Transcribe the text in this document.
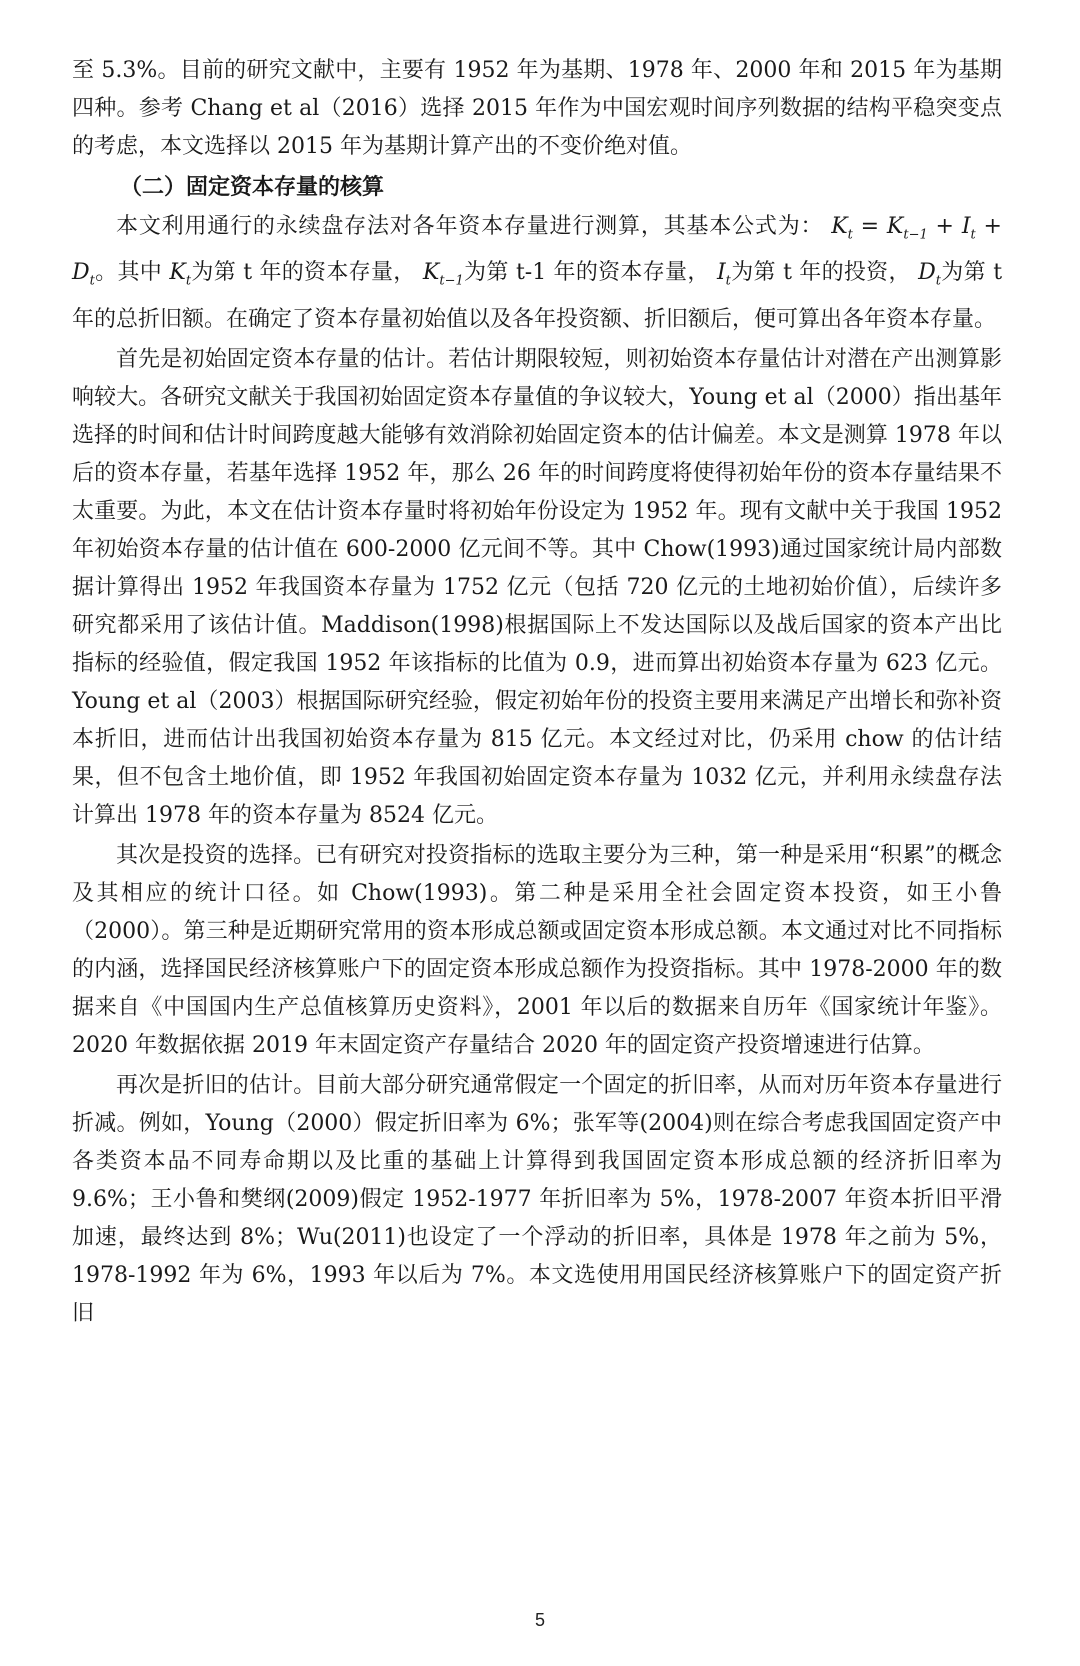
至 5.3%。目前的研究文献中，主要有 1952 年为基期、1978 年、2000 年和 2015 年为基期四种。参考 Chang et al（2016）选择 2015 年作为中国宏观时间序列数据的结构平稳突变点的考虑，本文选择以 2015 年为基期计算产出的不变价绝对值。

（二）固定资本存量的核算

本文利用通行的永续盘存法对各年资本存量进行测算，其基本公式为： $K_t = K_{t-1} + I_t + D_t$。其中 $K_t$为第 t 年的资本存量， $K_{t-1}$为第 t-1 年的资本存量， $I_t$为第 t 年的投资， $D_t$为第 t 年的总折旧额。在确定了资本存量初始值以及各年投资额、折旧额后，便可算出各年资本存量。

首先是初始固定资本存量的估计。若估计期限较短，则初始资本存量估计对潜在产出测算影响较大。各研究文献关于我国初始固定资本存量值的争议较大，Young et al（2000）指出基年选择的时间和估计时间跨度越大能够有效消除初始固定资本的估计偏差。本文是测算 1978 年以后的资本存量，若基年选择 1952 年，那么 26 年的时间跨度将使得初始年份的资本存量结果不太重要。为此，本文在估计资本存量时将初始年份设定为 1952 年。现有文献中关于我国 1952 年初始资本存量的估计值在 600-2000 亿元间不等。其中 Chow(1993)通过国家统计局内部数据计算得出 1952 年我国资本存量为 1752 亿元（包括 720 亿元的土地初始价值），后续许多研究都采用了该估计值。Maddison(1998)根据国际上不发达国际以及战后国家的资本产出比指标的经验值，假定我国 1952 年该指标的比值为 0.9，进而算出初始资本存量为 623 亿元。Young et al（2003）根据国际研究经验，假定初始年份的投资主要用来满足产出增长和弥补资本折旧，进而估计出我国初始资本存量为 815 亿元。本文经过对比，仍采用 chow 的估计结果，但不包含土地价值，即 1952 年我国初始固定资本存量为 1032 亿元，并利用永续盘存法计算出 1978 年的资本存量为 8524 亿元。

其次是投资的选择。已有研究对投资指标的选取主要分为三种，第一种是采用“积累”的概念及其相应的统计口径。如 Chow(1993)。第二种是采用全社会固定资本投资，如王小鲁（2000）。第三种是近期研究常用的资本形成总额或固定资本形成总额。本文通过对比不同指标的内涵，选择国民经济核算账户下的固定资本形成总额作为投资指标。其中 1978-2000 年的数据来自《中国国内生产总值核算历史资料》，2001 年以后的数据来自历年《国家统计年鉴》。2020 年数据依据 2019 年末固定资产存量结合 2020 年的固定资产投资增速进行估算。

再次是折旧的估计。目前大部分研究通常假定一个固定的折旧率，从而对历年资本存量进行折减。例如，Young（2000）假定折旧率为 6%；张军等(2004)则在综合考虑我国固定资产中各类资本品不同寿命期以及比重的基础上计算得到我国固定资本形成总额的经济折旧率为 9.6%；王小鲁和樊纲(2009)假定 1952-1977 年折旧率为 5%，1978-2007 年资本折旧平滑加速，最终达到 8%；Wu(2011)也设定了一个浮动的折旧率，具体是 1978 年之前为 5%，1978-1992 年为 6%，1993 年以后为 7%。本文选使用用国民经济核算账户下的固定资产折旧

5
